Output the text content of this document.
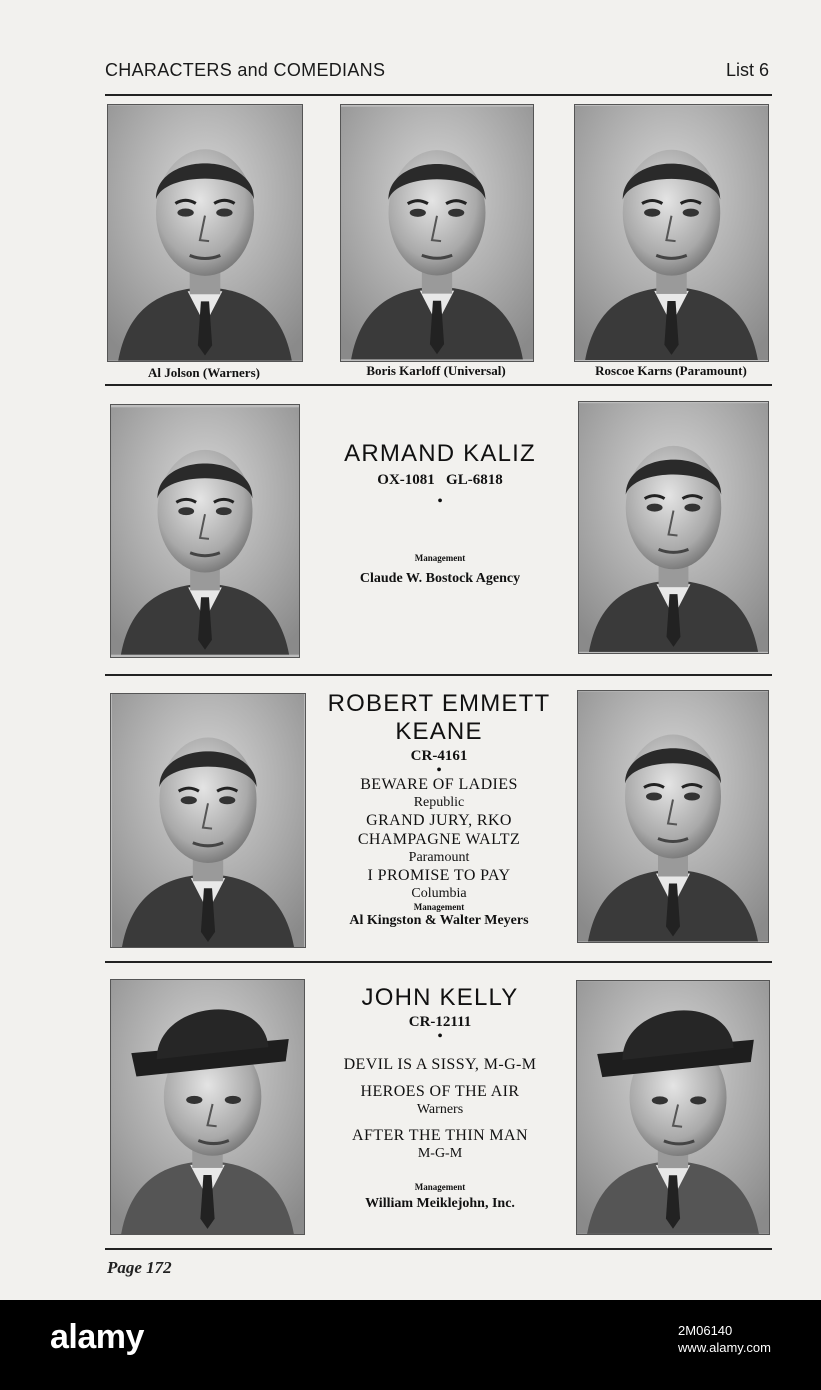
CHARACTERS and COMEDIANS	List 6
Al Jolson (Warners)	Boris Karloff (Universal)	Roscoe Karns (Paramount)
ARMAND KALIZ
OX-1081   GL-6818
•
Management
Claude W. Bostock Agency
ROBERT EMMETT
KEANE
CR-4161
•
BEWARE OF LADIES
Republic
GRAND JURY, RKO
CHAMPAGNE WALTZ
Paramount
I PROMISE TO PAY
Columbia
Management
Al Kingston & Walter Meyers
JOHN KELLY
CR-12111
•
DEVIL IS A SISSY, M-G-M
HEROES OF THE AIR
Warners
AFTER THE THIN MAN
M-G-M
Management
William Meiklejohn, Inc.
Page 172
alamy	2M06140
www.alamy.com
